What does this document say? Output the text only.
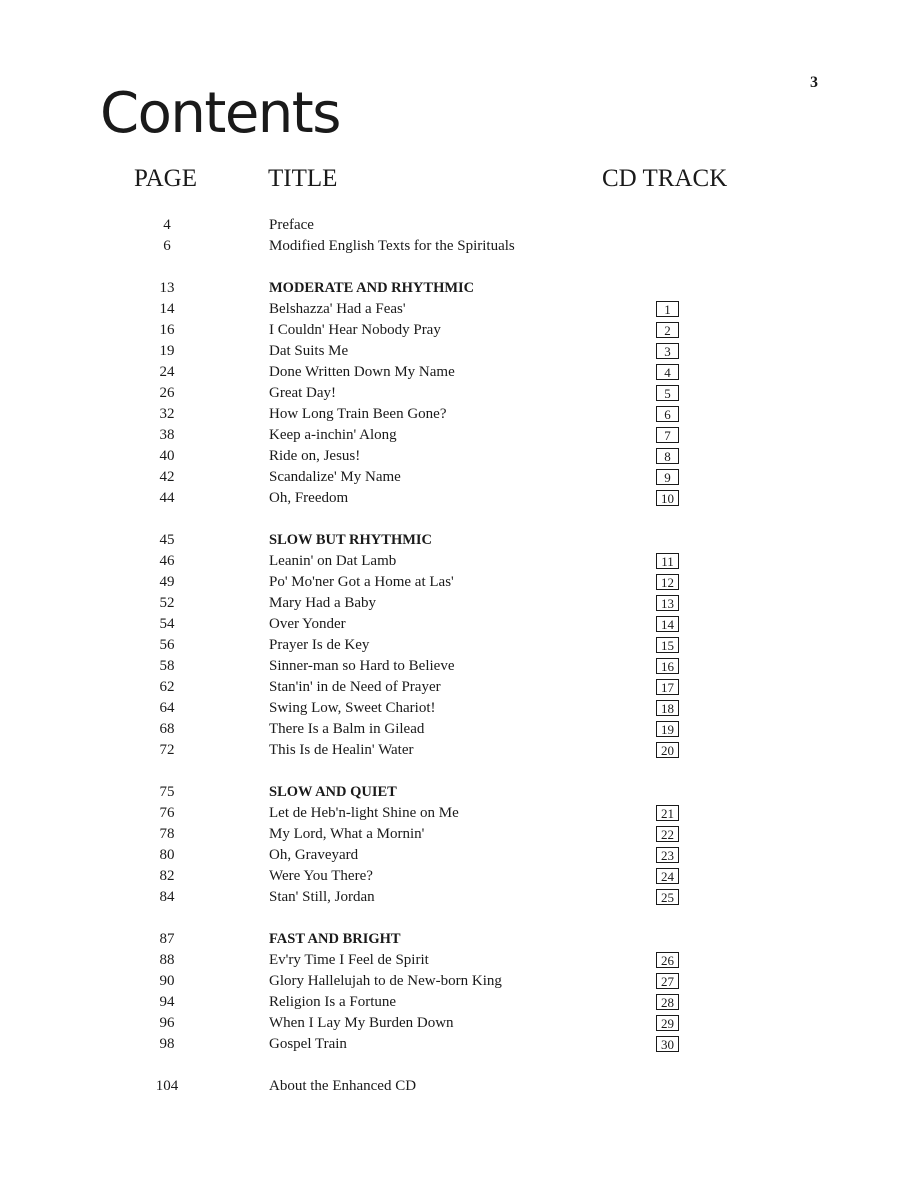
3
Contents
PAGE	TITLE	CD TRACK
4	Preface
6	Modified English Texts for the Spirituals
13	MODERATE AND RHYTHMIC
14	Belshazza' Had a Feas'	1
16	I Couldn' Hear Nobody Pray	2
19	Dat Suits Me	3
24	Done Written Down My Name	4
26	Great Day!	5
32	How Long Train Been Gone?	6
38	Keep a-inchin' Along	7
40	Ride on, Jesus!	8
42	Scandalize' My Name	9
44	Oh, Freedom	10
45	SLOW BUT RHYTHMIC
46	Leanin' on Dat Lamb	11
49	Po' Mo'ner Got a Home at Las'	12
52	Mary Had a Baby	13
54	Over Yonder	14
56	Prayer Is de Key	15
58	Sinner-man so Hard to Believe	16
62	Stan'in' in de Need of Prayer	17
64	Swing Low, Sweet Chariot!	18
68	There Is a Balm in Gilead	19
72	This Is de Healin' Water	20
75	SLOW AND QUIET
76	Let de Heb'n-light Shine on Me	21
78	My Lord, What a Mornin'	22
80	Oh, Graveyard	23
82	Were You There?	24
84	Stan' Still, Jordan	25
87	FAST AND BRIGHT
88	Ev'ry Time I Feel de Spirit	26
90	Glory Hallelujah to de New-born King	27
94	Religion Is a Fortune	28
96	When I Lay My Burden Down	29
98	Gospel Train	30
104	About the Enhanced CD
